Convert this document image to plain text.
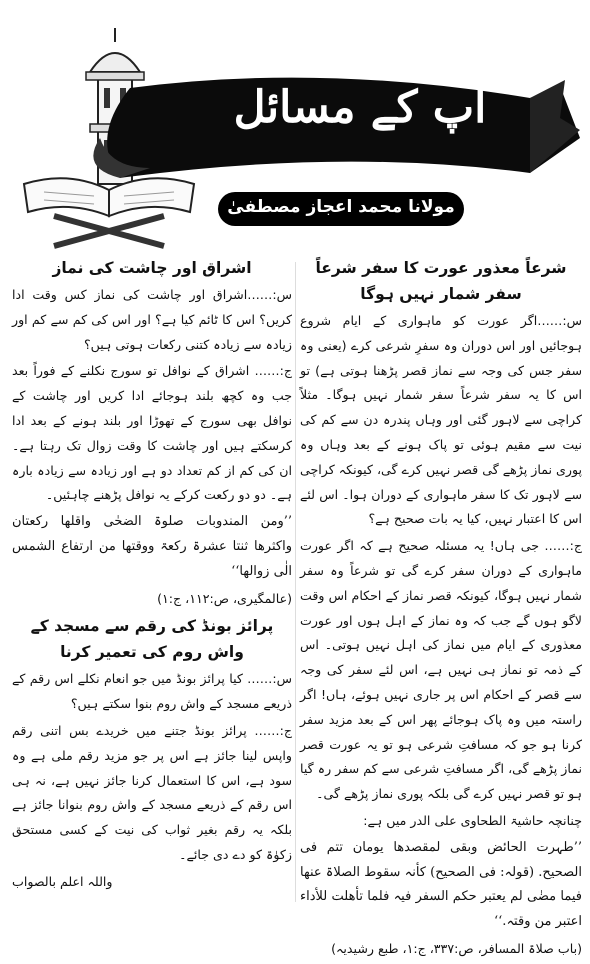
آپ کے مسائل
مولانا محمد اعجاز مصطفیٰ

شرعاً معذور عورت کا سفر شرعاً سفر شمار نہیں ہوگا

س:……اگر عورت کو ماہواری کے ایام شروع ہوجائیں اور اس دوران وہ سفرِ شرعی کرے (یعنی وہ سفر جس کی وجہ سے نماز قصر پڑھنا ہوتی ہے) تو اس کا یہ سفر شرعاً سفر شمار نہیں ہوگا۔ مثلاً کراچی سے لاہور گئی اور وہاں پندرہ دن سے کم کی نیت سے مقیم ہوئی تو پاک ہونے کے بعد وہاں وہ پوری نماز پڑھے گی قصر نہیں کرے گی، کیونکہ کراچی سے لاہور تک کا سفر ماہواری کے دوران ہوا۔ اس لئے اس کا اعتبار نہیں، کیا یہ بات صحیح ہے؟

ج:…… جی ہاں! یہ مسئلہ صحیح ہے کہ اگر عورت ماہواری کے دوران سفر کرے گی تو شرعاً وہ سفر شمار نہیں ہوگا، کیونکہ قصر نماز کے احکام اس وقت لاگو ہوں گے جب کہ وہ نماز کے اہل ہوں اور عورت معذوری کے ایام میں نماز کی اہل نہیں ہوتی۔ اس کے ذمہ تو نماز ہی نہیں ہے، اس لئے سفر کی وجہ سے قصر کے احکام اس پر جاری نہیں ہوئے، ہاں! اگر راستہ میں وہ پاک ہوجائے پھر اس کے بعد مزید سفر کرنا ہو جو کہ مسافتِ شرعی ہو تو یہ عورت قصر نماز پڑھے گی، اگر مسافتِ شرعی سے کم سفر رہ گیا ہو تو قصر نہیں کرے گی بلکہ پوری نماز پڑھے گی۔

چنانچہ حاشیۃ الطحاوی علی الدر میں ہے:

’’طہرت الحائض وبقی لمقصدھا یومان تتم فی الصحیح. (قولہ: فی الصحیح) کأنہ سقوط الصلاۃ عنھا فیما مضٰی لم یعتبر حکم السفر فیہ فلما تأھلت للأداء اعتبر من وقتہ.‘‘

(باب صلاۃ المسافر، ص:۳۳۷، ج:۱، طبع رشیدیہ)

اشراق اور چاشت کی نماز

س:……اشراق اور چاشت کی نماز کس وقت ادا کریں؟ اس کا ٹائم کیا ہے؟ اور اس کی کم سے کم اور زیادہ سے زیادہ کتنی رکعات ہوتی ہیں؟

ج:…… اشراق کے نوافل تو سورج نکلنے کے فوراً بعد جب وہ کچھ بلند ہوجائے ادا کریں اور چاشت کے نوافل بھی سورج کے تھوڑا اور بلند ہونے کے بعد ادا کرسکتے ہیں اور چاشت کا وقت زوال تک رہتا ہے۔ ان کی کم از کم تعداد دو ہے اور زیادہ سے زیادہ بارہ ہے۔ دو دو رکعت کرکے یہ نوافل پڑھنے چاہئیں۔

’’ومن المندوبات صلوۃ الضحٰی واقلھا رکعتان واکثرھا ثنتا عشرۃ رکعۃ ووقتھا من ارتفاع الشمس الٰی زوالھا‘‘

(عالمگیری، ص:۱۱۲، ج:۱)

پرائز بونڈ کی رقم سے مسجد کے واش روم کی تعمیر کرنا

س:…… کیا پرائز بونڈ میں جو انعام نکلے اس رقم کے ذریعے مسجد کے واش روم بنوا سکتے ہیں؟

ج:…… پرائز بونڈ جتنے میں خریدے بس اتنی رقم واپس لینا جائز ہے اس پر جو مزید رقم ملی ہے وہ سود ہے، اس کا استعمال کرنا جائز نہیں ہے، نہ ہی اس رقم کے ذریعے مسجد کے واش روم بنوانا جائز ہے بلکہ یہ رقم بغیر ثواب کی نیت کے کسی مستحق زکوٰۃ کو دے دی جائے۔

واللہ اعلم بالصواب
